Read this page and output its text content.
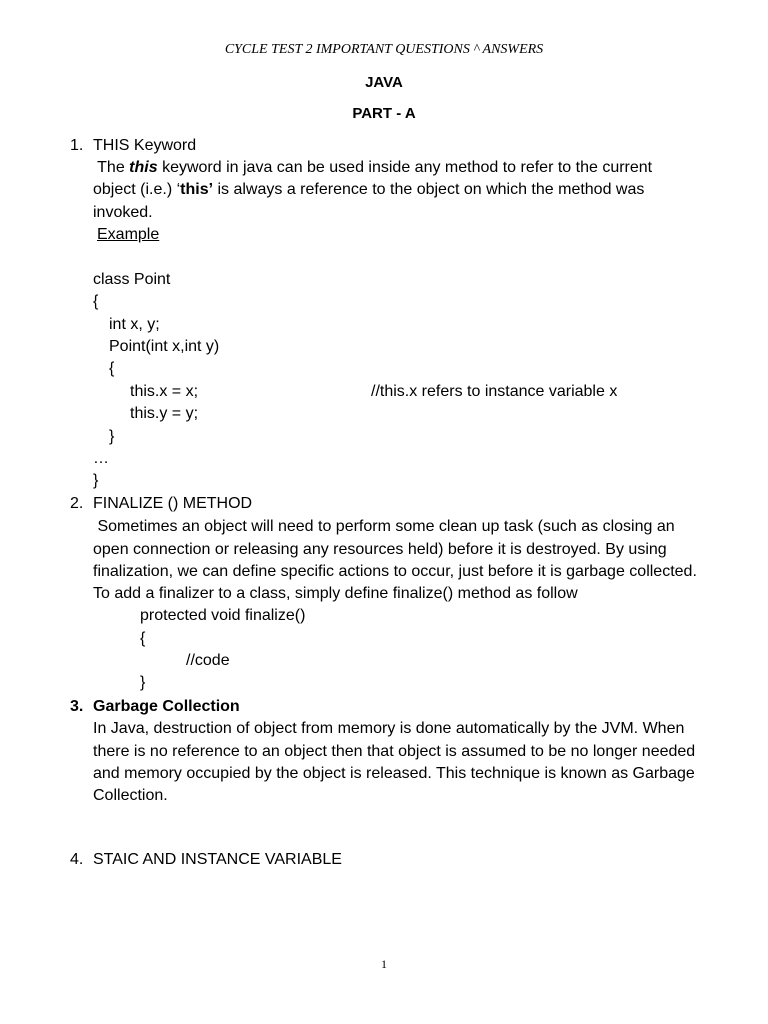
CYCLE TEST 2 IMPORTANT QUESTIONS ^ ANSWERS
JAVA
PART - A
1. THIS Keyword
The this keyword in java can be used inside any method to refer to the current
object (i.e.) ‘this’ is always a reference to the object on which the method was
invoked.
Example
class Point
{
int x, y;
Point(int x,int y)
{
this.x = x;	//this.x refers to instance variable x
this.y = y;
}
…
}
2. FINALIZE () METHOD
Sometimes an object will need to perform some clean up task (such as closing an
open connection or releasing any resources held) before it is destroyed. By using
finalization, we can define specific actions to occur, just before it is garbage collected.
To add a finalizer to a class, simply define finalize() method as follow
protected void finalize()
{
//code
}
3. Garbage Collection
In Java, destruction of object from memory is done automatically by the JVM. When
there is no reference to an object then that object is assumed to be no longer needed
and memory occupied by the object is released. This technique is known as Garbage
Collection.
4. STAIC AND INSTANCE VARIABLE
1
